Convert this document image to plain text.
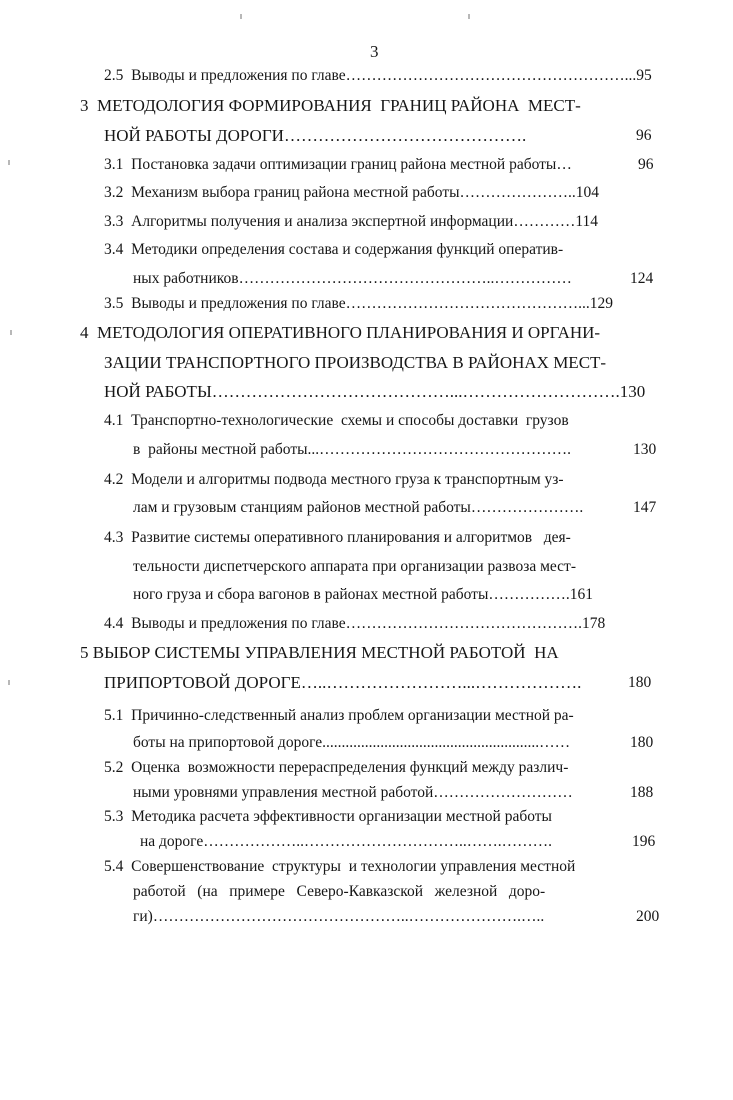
3
2.5  Выводы и предложения по главе………………………………………………...95
3  МЕТОДОЛОГИЯ ФОРМИРОВАНИЯ  ГРАНИЦ РАЙОНА  МЕСТ-
НОЙ РАБОТЫ ДОРОГИ…………………………………….	96
3.1  Постановка задачи оптимизации границ района местной работы…	96
3.2  Механизм выбора границ района местной работы…………………..104
3.3  Алгоритмы получения и анализа экспертной информации…………114
3.4  Методики определения состава и содержания функций оператив-
ных работников…………………………………………..……………	124
3.5  Выводы и предложения по главе………………………………………...129
4  МЕТОДОЛОГИЯ ОПЕРАТИВНОГО ПЛАНИРОВАНИЯ И ОРГАНИ-
ЗАЦИИ ТРАНСПОРТНОГО ПРОИЗВОДСТВА В РАЙОНАХ МЕСТ-
НОЙ РАБОТЫ……………………………………...……………………….130
4.1  Транспортно-технологические  схемы и способы доставки  грузов
в  районы местной работы...………………………………………….	130
4.2  Модели и алгоритмы подвода местного груза к транспортным уз-
лам и грузовым станциям районов местной работы………………….	147
4.3  Развитие системы оперативного планирования и алгоритмов   дея-
тельности диспетчерского аппарата при организации развоза мест-
ного груза и сбора вагонов в районах местной работы…………….161
4.4  Выводы и предложения по главе……………………………………….178
5 ВЫБОР СИСТЕМЫ УПРАВЛЕНИЯ МЕСТНОЙ РАБОТОЙ  НА
ПРИПОРТОВОЙ ДОРОГЕ…..……………………...……………….	180
5.1  Причинно-следственный анализ проблем организации местной ра-
боты на припортовой дороге........................................................……	180
5.2  Оценка  возможности перераспределения функций между различ-
ными уровнями управления местной работой………………………	188
5.3  Методика расчета эффективности организации местной работы
на дороге………………..…………………………..…….……….	196
5.4  Совершенствование  структуры  и технологии управления местной
работой   (на   примере   Северо-Кавказской   железной   доро-
ги)…………………………………………..………………….…..	200
